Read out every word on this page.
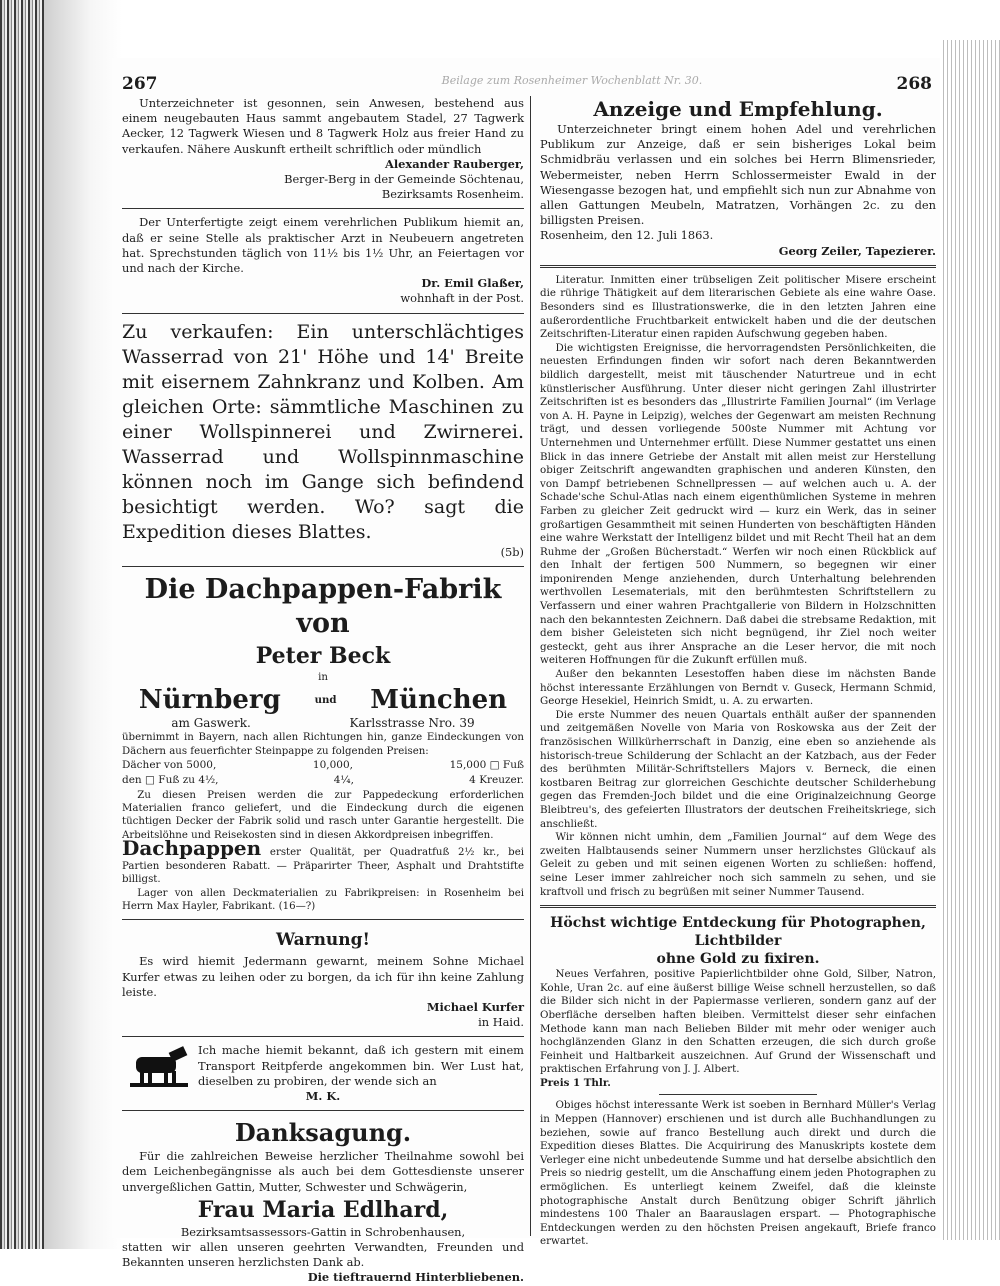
267	Beilage zum Rosenheimer Wochenblatt Nr. 30.	268

Unterzeichneter ist gesonnen, sein Anwesen, bestehend aus einem neugebauten Haus sammt angebautem Stadel, 27 Tagwerk Aecker, 12 Tagwerk Wiesen und 8 Tagwerk Holz aus freier Hand zu verkaufen. Nähere Auskunft ertheilt schriftlich oder mündlich

Alexander Rauberger,

Berger-Berg in der Gemeinde Söchtenau,

Bezirksamts Rosenheim.

Der Unterfertigte zeigt einem verehrlichen Publikum hiemit an, daß er seine Stelle als praktischer Arzt in Neubeuern angetreten hat. Sprechstunden täglich von 11½ bis 1½ Uhr, an Feiertagen vor und nach der Kirche.

Dr. Emil Glaßer,

wohnhaft in der Post.

Zu verkaufen: Ein unterschlächtiges Wasserrad von 21' Höhe und 14' Breite mit eisernem Zahnkranz und Kolben. Am gleichen Orte: sämmtliche Maschinen zu einer Wollspinnerei und Zwirnerei. Wasserrad und Wollspinnmaschine können noch im Gange sich befindend besichtigt werden. Wo? sagt die Expedition dieses Blattes.

(5b)

Die Dachpappen-Fabrik von
Peter Beck
in
Nürnberg	und München
am Gaswerk.	Karlsstrasse Nro. 39

übernimmt in Bayern, nach allen Richtungen hin, ganze Eindeckungen von Dächern aus feuerfichter Steinpappe zu folgenden Preisen:

Dächer von 5000,	10,000,	15,000 □ Fuß
den □ Fuß zu 4½,	4¼,	4 Kreuzer.

Zu diesen Preisen werden die zur Pappedeckung erforderlichen Materialien franco geliefert, und die Eindeckung durch die eigenen tüchtigen Decker der Fabrik solid und rasch unter Garantie hergestellt. Die Arbeitslöhne und Reisekosten sind in diesen Akkordpreisen inbegriffen.

Dachpappen erster Qualität, per Quadratfuß 2½ kr., bei Partien besonderen Rabatt. — Präparirter Theer, Asphalt und Drahtstifte billigst.

Lager von allen Deckmaterialien zu Fabrikpreisen: in Rosenheim bei Herrn Max Hayler, Fabrikant. (16—?)

Warnung!

Es wird hiemit Jedermann gewarnt, meinem Sohne Michael Kurfer etwas zu leihen oder zu borgen, da ich für ihn keine Zahlung leiste.

Michael Kurfer

in Haid.

Ich mache hiemit bekannt, daß ich gestern mit einem Transport Reitpferde angekommen bin. Wer Lust hat, dieselben zu probiren, der wende sich an

M. K.

Danksagung.

Für die zahlreichen Beweise herzlicher Theilnahme sowohl bei dem Leichenbegängnisse als auch bei dem Gottesdienste unserer unvergeßlichen Gattin, Mutter, Schwester und Schwägerin,

Frau Maria Edlhard,

Bezirksamtsassessors-Gattin in Schrobenhausen,

statten wir allen unseren geehrten Verwandten, Freunden und Bekannten unseren herzlichsten Dank ab.

Die tieftrauernd Hinterbliebenen.

Anzeige und Empfehlung.

Unterzeichneter bringt einem hohen Adel und verehrlichen Publikum zur Anzeige, daß er sein bisheriges Lokal beim Schmidbräu verlassen und ein solches bei Herrn Blimensrieder, Webermeister, neben Herrn Schlossermeister Ewald in der Wiesengasse bezogen hat, und empfiehlt sich nun zur Abnahme von allen Gattungen Meubeln, Matratzen, Vorhängen 2c. zu den billigsten Preisen.

Rosenheim, den 12. Juli 1863.

Georg Zeiler, Tapezierer.

Literatur. Inmitten einer trübseligen Zeit politischer Misere erscheint die rührige Thätigkeit auf dem literarischen Gebiete als eine wahre Oase. Besonders sind es Illustrationswerke, die in den letzten Jahren eine außerordentliche Fruchtbarkeit entwickelt haben und die der deutschen Zeitschriften-Literatur einen rapiden Aufschwung gegeben haben.

Die wichtigsten Ereignisse, die hervorragendsten Persönlichkeiten, die neuesten Erfindungen finden wir sofort nach deren Bekanntwerden bildlich dargestellt, meist mit täuschender Naturtreue und in echt künstlerischer Ausführung. Unter dieser nicht geringen Zahl illustrirter Zeitschriften ist es besonders das „Illustrirte Familien Journal“ (im Verlage von A. H. Payne in Leipzig), welches der Gegenwart am meisten Rechnung trägt, und dessen vorliegende 500ste Nummer mit Achtung vor Unternehmen und Unternehmer erfüllt. Diese Nummer gestattet uns einen Blick in das innere Getriebe der Anstalt mit allen meist zur Herstellung obiger Zeitschrift angewandten graphischen und anderen Künsten, den von Dampf betriebenen Schnellpressen — auf welchen auch u. A. der Schade'sche Schul-Atlas nach einem eigenthümlichen Systeme in mehren Farben zu gleicher Zeit gedruckt wird — kurz ein Werk, das in seiner großartigen Gesammtheit mit seinen Hunderten von beschäftigten Händen eine wahre Werkstatt der Intelligenz bildet und mit Recht Theil hat an dem Ruhme der „Großen Bücherstadt.“ Werfen wir noch einen Rückblick auf den Inhalt der fertigen 500 Nummern, so begegnen wir einer imponirenden Menge anziehenden, durch Unterhaltung belehrenden werthvollen Lesematerials, mit den berühmtesten Schriftstellern zu Verfassern und einer wahren Prachtgallerie von Bildern in Holzschnitten nach den bekanntesten Zeichnern. Daß dabei die strebsame Redaktion, mit dem bisher Geleisteten sich nicht begnügend, ihr Ziel noch weiter gesteckt, geht aus ihrer Ansprache an die Leser hervor, die mit noch weiteren Hoffnungen für die Zukunft erfüllen muß.

Außer den bekannten Lesestoffen haben diese im nächsten Bande höchst interessante Erzählungen von Berndt v. Guseck, Hermann Schmid, George Hesekiel, Heinrich Smidt, u. A. zu erwarten.

Die erste Nummer des neuen Quartals enthält außer der spannenden und zeitgemäßen Novelle von Maria von Roskowska aus der Zeit der französischen Willkürherrschaft in Danzig, eine eben so anziehende als historisch-treue Schilderung der Schlacht an der Katzbach, aus der Feder des berühmten Militär-Schriftstellers Majors v. Berneck, die einen kostbaren Beitrag zur glorreichen Geschichte deutscher Schilderhebung gegen das Fremden-Joch bildet und die eine Originalzeichnung George Bleibtreu's, des gefeierten Illustrators der deutschen Freiheitskriege, sich anschließt.

Wir können nicht umhin, dem „Familien Journal“ auf dem Wege des zweiten Halbtausends seiner Nummern unser herzlichstes Glückauf als Geleit zu geben und mit seinen eigenen Worten zu schließen: hoffend, seine Leser immer zahlreicher noch sich sammeln zu sehen, und sie kraftvoll und frisch zu begrüßen mit seiner Nummer Tausend.

Höchst wichtige Entdeckung für Photographen, Lichtbilder
ohne Gold zu fixiren.

Neues Verfahren, positive Papierlichtbilder ohne Gold, Silber, Natron, Kohle, Uran 2c. auf eine äußerst billige Weise schnell herzustellen, so daß die Bilder sich nicht in der Papiermasse verlieren, sondern ganz auf der Oberfläche derselben haften bleiben. Vermittelst dieser sehr einfachen Methode kann man nach Belieben Bilder mit mehr oder weniger auch hochglänzenden Glanz in den Schatten erzeugen, die sich durch große Feinheit und Haltbarkeit auszeichnen. Auf Grund der Wissenschaft und praktischen Erfahrung von J. J. Albert.

Preis 1 Thlr.

Obiges höchst interessante Werk ist soeben in Bernhard Müller's Verlag in Meppen (Hannover) erschienen und ist durch alle Buchhandlungen zu beziehen, sowie auf franco Bestellung auch direkt und durch die Expedition dieses Blattes. Die Acquirirung des Manuskripts kostete dem Verleger eine nicht unbedeutende Summe und hat derselbe absichtlich den Preis so niedrig gestellt, um die Anschaffung einem jeden Photographen zu ermöglichen. Es unterliegt keinem Zweifel, daß die kleinste photographische Anstalt durch Benützung obiger Schrift jährlich mindestens 100 Thaler an Baarauslagen erspart. — Photographische Entdeckungen werden zu den höchsten Preisen angekauft, Briefe franco erwartet.
